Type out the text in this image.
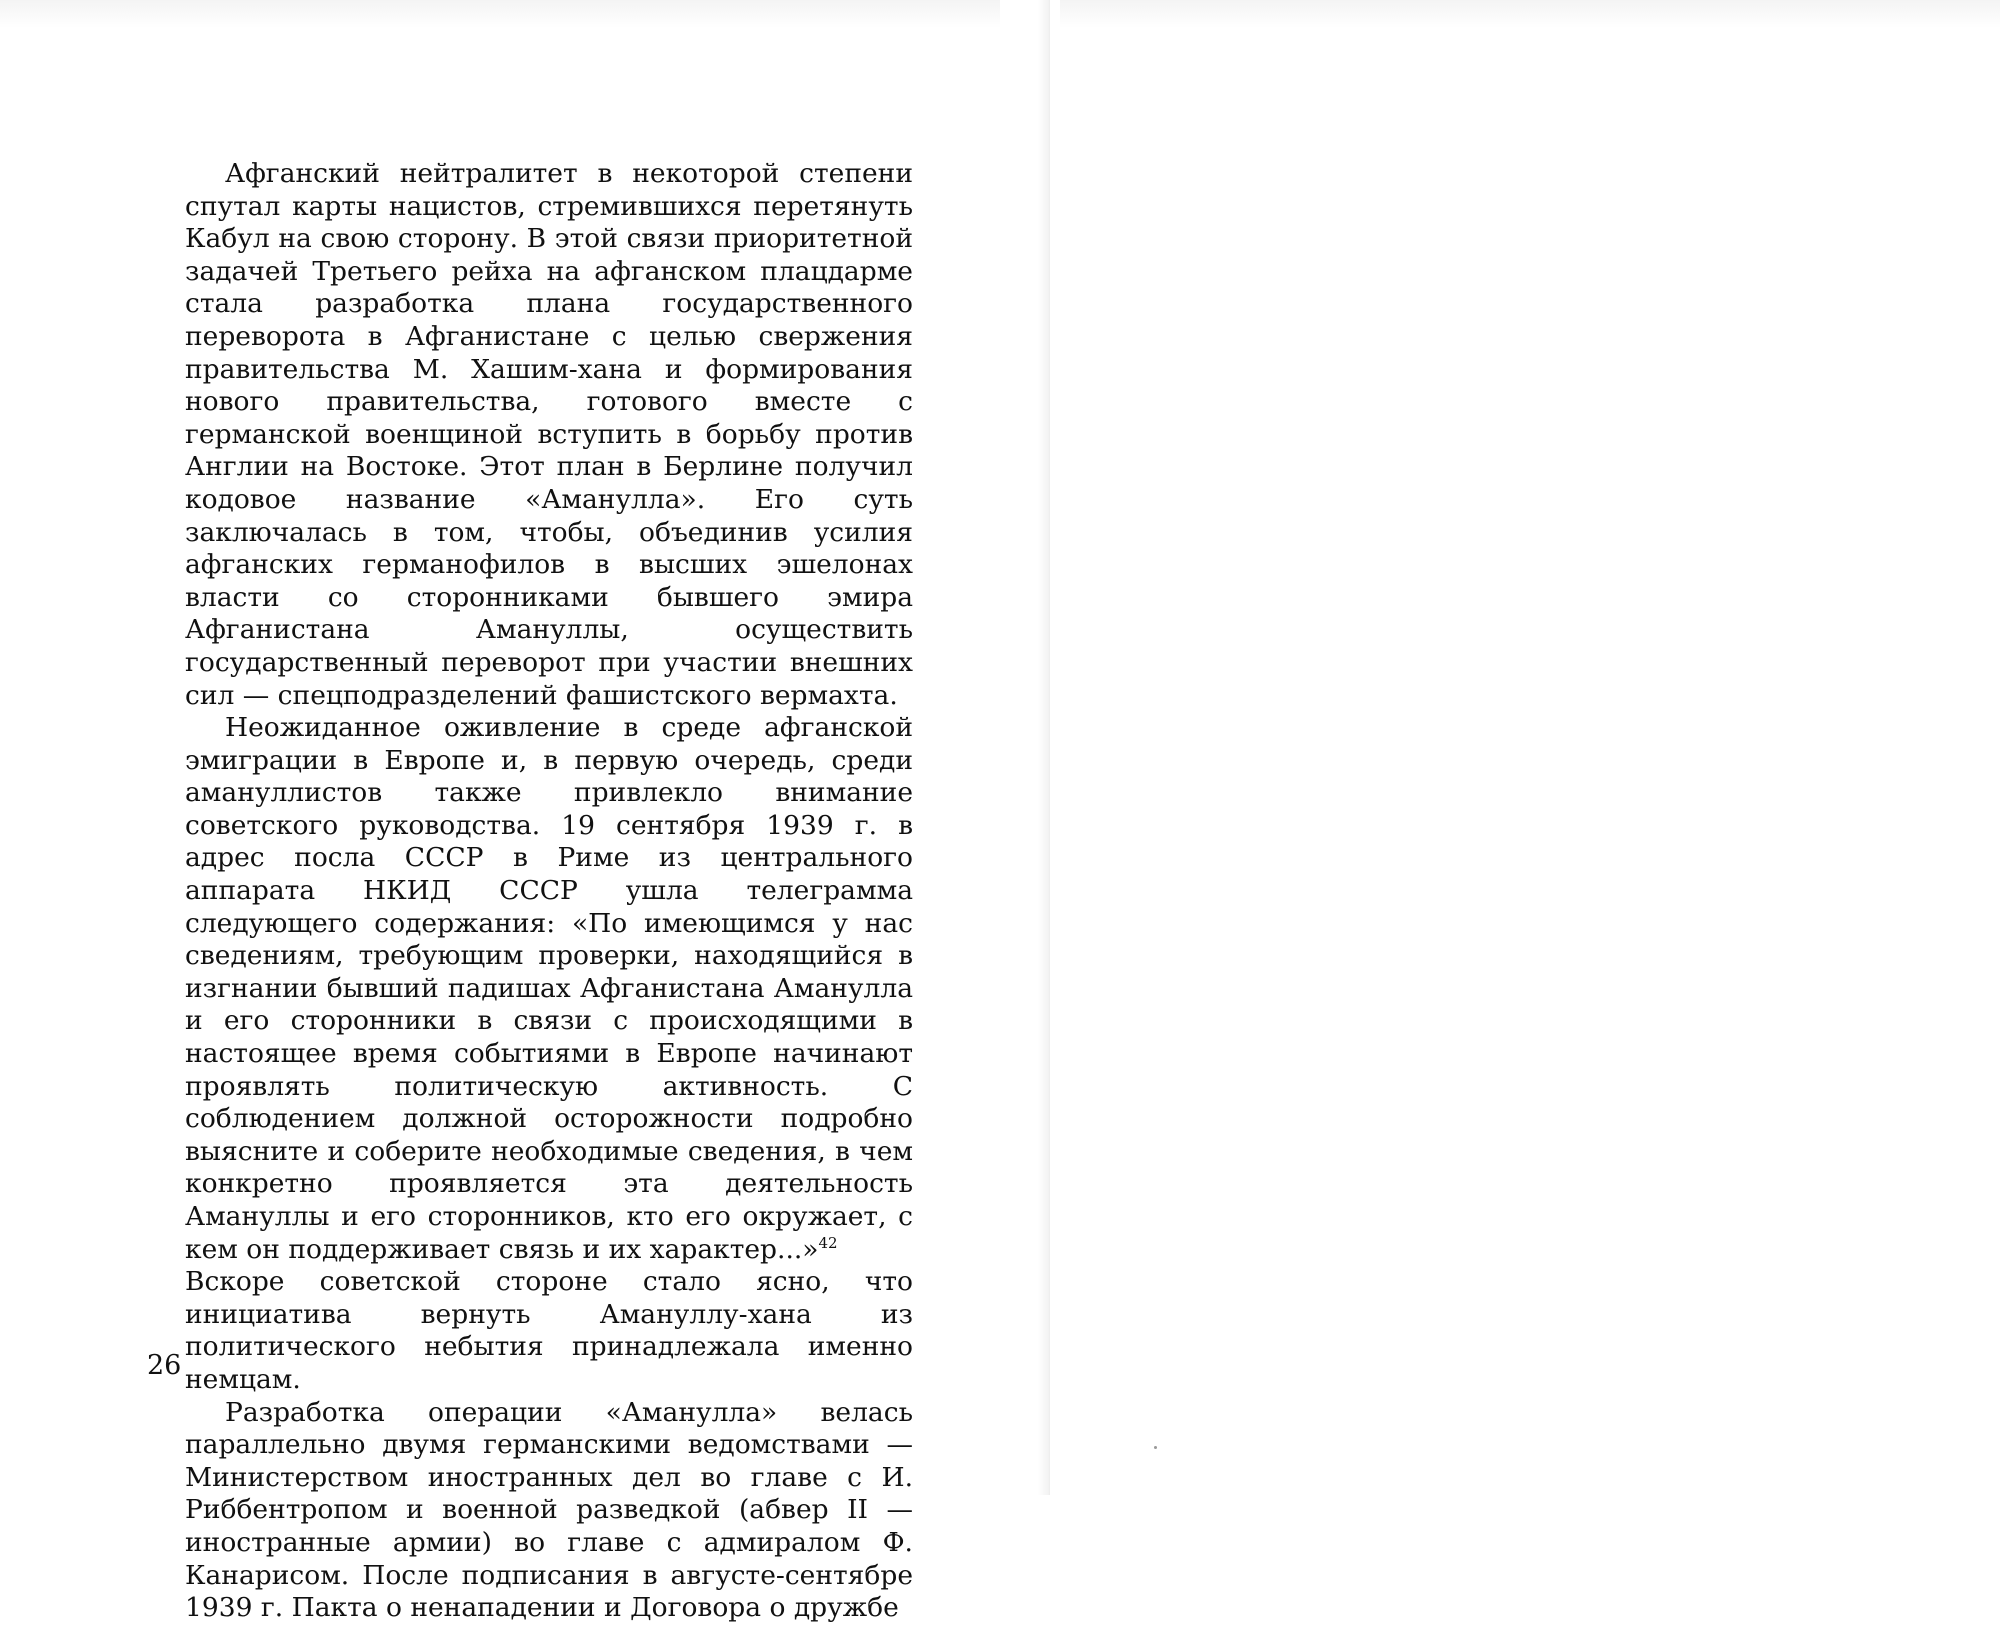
Афганский нейтралитет в некоторой степени спутал карты нацистов, стремившихся перетянуть Кабул на свою сторону. В этой связи приоритетной задачей Третьего рейха на афганском плацдарме стала разработка плана государственного переворота в Афганистане с целью свержения правительства М. Хашим-хана и формирования нового правительства, готового вместе с германской военщиной вступить в борьбу против Англии на Востоке. Этот план в Берлине получил кодовое название «Аманулла». Его суть заключалась в том, чтобы, объединив усилия афганских германофилов в высших эшелонах власти со сторонниками бывшего эмира Афганистана Амануллы, осуществить государственный переворот при участии внешних сил — спецподразделений фашистского вермахта.

Неожиданное оживление в среде афганской эмиграции в Европе и, в первую очередь, среди амануллистов также привлекло внимание советского руководства. 19 сентября 1939 г. в адрес посла СССР в Риме из центрального аппарата НКИД СССР ушла телеграмма следующего содержания: «По имеющимся у нас сведениям, требующим проверки, находящийся в изгнании бывший падишах Афганистана Аманулла и его сторонники в связи с происходящими в настоящее время событиями в Европе начинают проявлять политическую активность. С соблюдением должной осторожности подробно выясните и соберите необходимые сведения, в чем конкретно проявляется эта деятельность Амануллы и его сторонников, кто его окружает, с кем он поддерживает связь и их характер...»$^{42}$

Вскоре советской стороне стало ясно, что инициатива вернуть Амануллу-хана из политического небытия принадлежала именно немцам.

Разработка операции «Аманулла» велась параллельно двумя германскими ведомствами — Министерством иностранных дел во главе с И. Риббентропом и военной разведкой (абвер II — иностранные армии) во главе с адмиралом Ф. Канарисом. После подписания в августе-сентябре 1939 г. Пакта о ненападении и Договора о дружбе

26
